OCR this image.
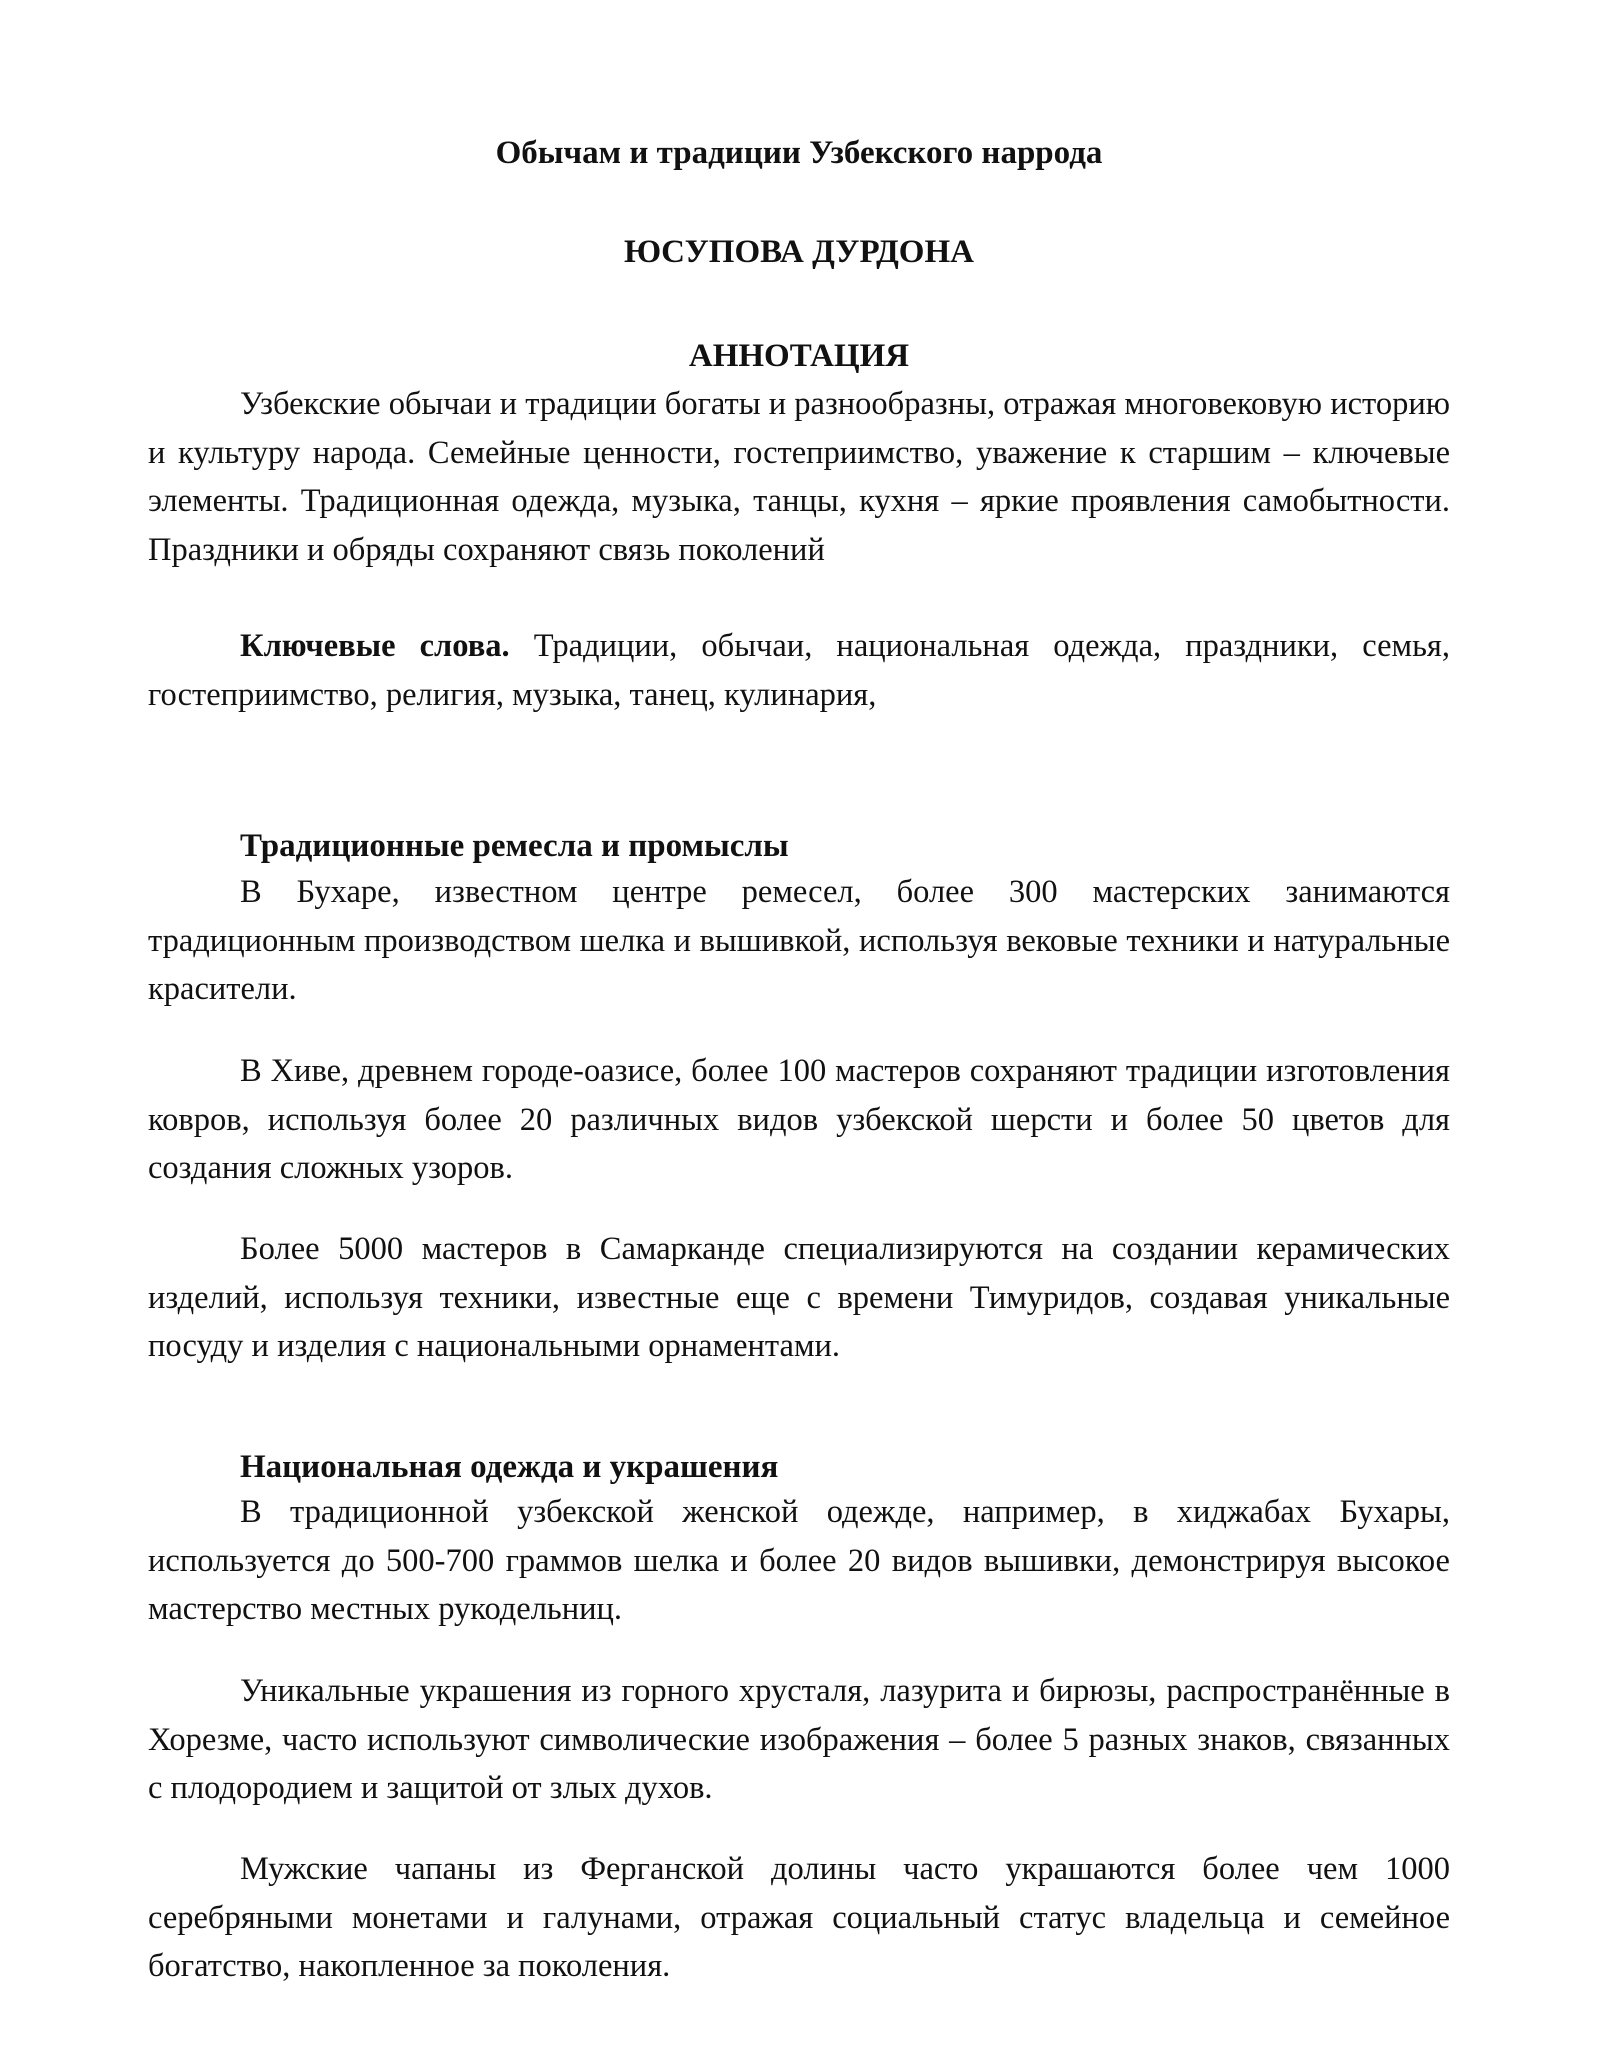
Обычам и традиции Узбекского наррода
ЮСУПОВА ДУРДОНА
АННОТАЦИЯ

Узбекские обычаи и традиции богаты и разнообразны, отражая многовековую историю и культуру народа. Семейные ценности, гостеприимство, уважение к старшим – ключевые элементы. Традиционная одежда, музыка, танцы, кухня – яркие проявления самобытности. Праздники и обряды сохраняют связь поколений

Ключевые слова. Традиции, обычаи, национальная одежда, праздники, семья, гостеприимство, религия, музыка, танец, кулинария,

Традиционные ремесла и промыслы

В Бухаре, известном центре ремесел, более 300 мастерских занимаются традиционным производством шелка и вышивкой, используя вековые техники и натуральные красители.

В Хиве, древнем городе-оазисе, более 100 мастеров сохраняют традиции изготовления ковров, используя более 20 различных видов узбекской шерсти и более 50 цветов для создания сложных узоров.

Более 5000 мастеров в Самарканде специализируются на создании керамических изделий, используя техники, известные еще с времени Тимуридов, создавая уникальные посуду и изделия с национальными орнаментами.

Национальная одежда и украшения

В традиционной узбекской женской одежде, например, в хиджабах Бухары, используется до 500-700 граммов шелка и более 20 видов вышивки, демонстрируя высокое мастерство местных рукодельниц.

Уникальные украшения из горного хрусталя, лазурита и бирюзы, распространённые в Хорезме, часто используют символические изображения – более 5 разных знаков, связанных с плодородием и защитой от злых духов.

Мужские чапаны из Ферганской долины часто украшаются более чем 1000 серебряными монетами и галунами, отражая социальный статус владельца и семейное богатство, накопленное за поколения.
